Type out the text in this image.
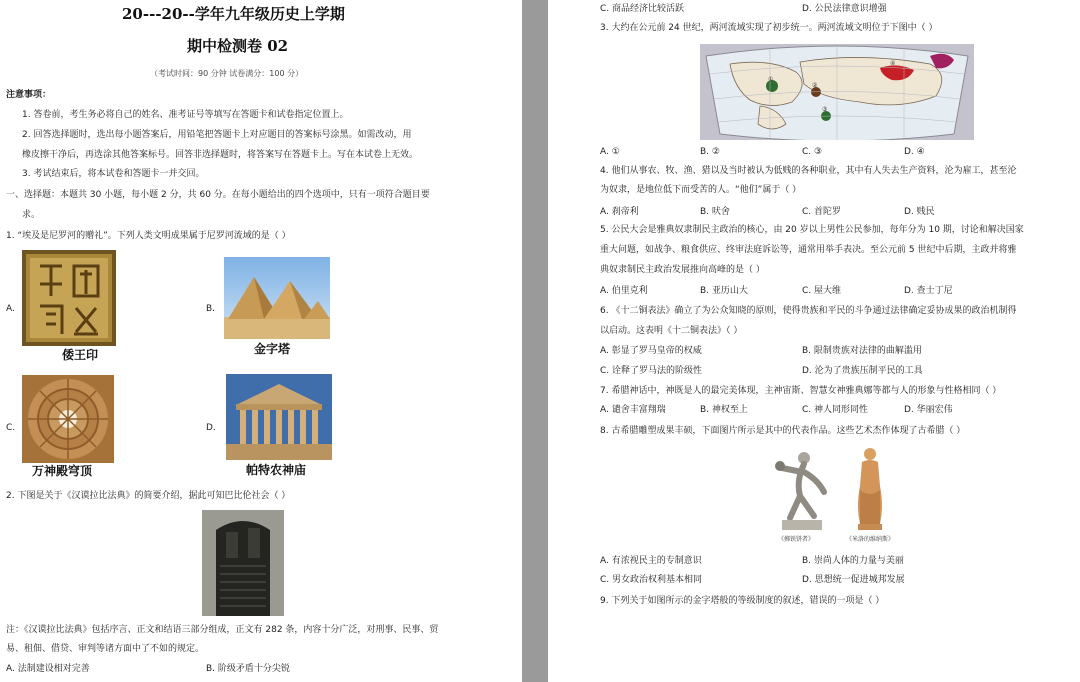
20---20--学年九年级历史上学期
期中检测卷 02
（考试时间：90 分钟 试卷满分：100 分）
注意事项：
1. 答卷前，考生务必将自己的姓名、准考证号等填写在答题卡和试卷指定位置上。
2. 回答选择题时，选出每小题答案后，用铅笔把答题卡上对应题目的答案标号涂黑。如需改动，用
橡皮擦干净后，再选涂其他答案标号。回答非选择题时，将答案写在答题卡上。写在本试卷上无效。
3. 考试结束后，将本试卷和答题卡一并交回。
一、选择题：本题共 30 小题，每小题 2 分，共 60 分。在每小题给出的四个选项中，只有一项符合题目要
求。
1. “埃及是尼罗河的赠礼”。下列人类文明成果属于尼罗河流域的是（ ）
A.
倭王印
B.
金字塔
C.
万神殿穹顶
D.
帕特农神庙
2. 下图是关于《汉谟拉比法典》的简要介绍，据此可知巴比伦社会（ ）
注：《汉谟拉比法典》包括序言、正文和结语三部分组成，正文有 282 条，内容十分广泛，对刑事、民事、贸
易、租佃、借贷、审判等诸方面中了不如的规定。
A. 法制建设相对完善	B. 阶级矛盾十分尖锐
C. 商品经济比较活跃	D. 公民法律意识增强
3. 大约在公元前 24 世纪，两河流域实现了初步统一。两河流域文明位于下图中（ ）
①
②
③
④
A. ①	B. ②	C. ③	D. ④
4. 他们从事农、牧、渔、猎以及当时被认为低贱的各种职业，其中有人失去生产资料，沦为雇工，甚至沦
为奴隶，是地位低下而受苦的人。“他们”属于（ ）
A. 刹帝利	B. 吠舍	C. 首陀罗	D. 贱民
5. 公民大会是雅典奴隶制民主政治的核心，由 20 岁以上男性公民参加，每年分为 10 期，讨论和解决国家
重大问题，如战争、粮食供应、终审法庭诉讼等，通常用举手表决。至公元前 5 世纪中后期，主政并将雅
典奴隶制民主政治发展推向高峰的是（ ）
A. 伯里克利	B. 亚历山大	C. 屋大维	D. 查士丁尼
6. 《十二铜表法》确立了为公众知晓的原则，使得贵族和平民的斗争通过法律确定妥协成果的政治机制得
以启动。这表明《十二铜表法》（ ）
A. 彰显了罗马皇帝的权威	B. 限制贵族对法律的曲解滥用
C. 诠释了罗马法的阶级性	D. 沦为了贵族压制平民的工具
7. 希腊神话中，神既是人的最完美体现，主神宙斯、智慧女神雅典娜等都与人的形象与性格相同（ ）
A. 谴舍丰富翔瑞	B. 神权至上	C. 神人同形同性	D. 华丽宏伟
8. 古希腊雕塑成果丰硕，下面图片所示是其中的代表作品。这些艺术杰作体现了古希腊（ ）
《掷铁饼者》	《米洛的维纳斯》
A. 有浓视民主的专制意识	B. 崇尚人体的力量与美丽
C. 男女政治权利基本相同	D. 思想统一促进城邦发展
9. 下列关于如图所示的金字塔般的等级制度的叙述，错误的一项是（ ）
